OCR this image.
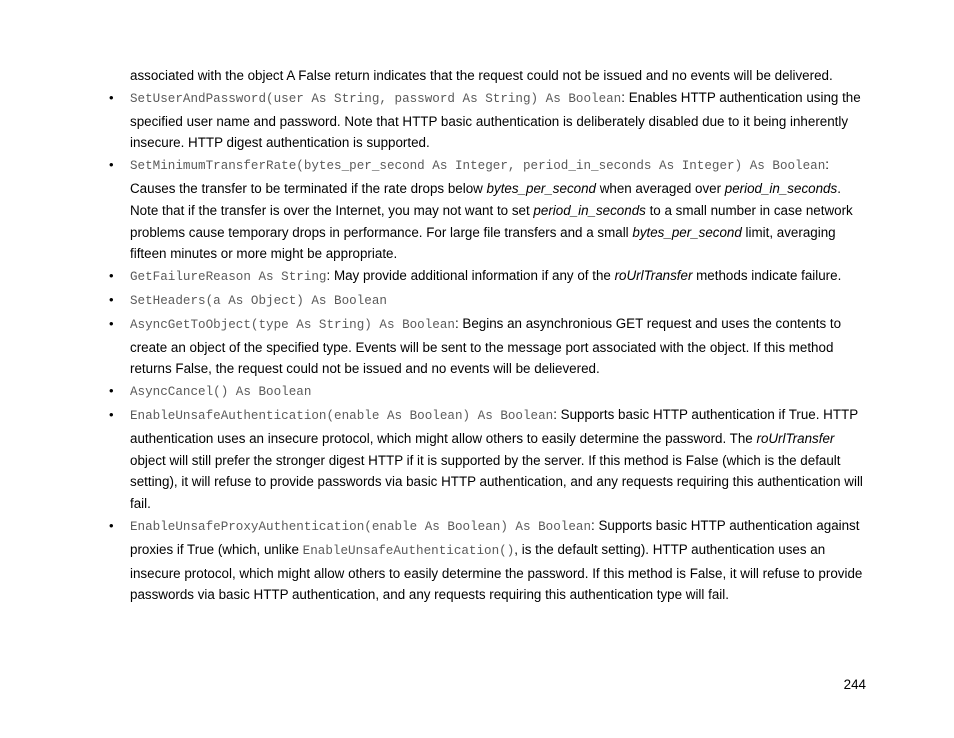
associated with the object A False return indicates that the request could not be issued and no events will be delivered.

• SetUserAndPassword(user As String, password As String) As Boolean: Enables HTTP authentication using the specified user name and password. Note that HTTP basic authentication is deliberately disabled due to it being inherently insecure. HTTP digest authentication is supported.
• SetMinimumTransferRate(bytes_per_second As Integer, period_in_seconds As Integer) As Boolean: Causes the transfer to be terminated if the rate drops below bytes_per_second when averaged over period_in_seconds. Note that if the transfer is over the Internet, you may not want to set period_in_seconds to a small number in case network problems cause temporary drops in performance. For large file transfers and a small bytes_per_second limit, averaging fifteen minutes or more might be appropriate.
• GetFailureReason As String: May provide additional information if any of the roUrlTransfer methods indicate failure.
• SetHeaders(a As Object) As Boolean
• AsyncGetToObject(type As String) As Boolean: Begins an asynchronious GET request and uses the contents to create an object of the specified type. Events will be sent to the message port associated with the object. If this method returns False, the request could not be issued and no events will be delievered.
• AsyncCancel() As Boolean
• EnableUnsafeAuthentication(enable As Boolean) As Boolean: Supports basic HTTP authentication if True. HTTP authentication uses an insecure protocol, which might allow others to easily determine the password. The roUrlTransfer object will still prefer the stronger digest HTTP if it is supported by the server. If this method is False (which is the default setting), it will refuse to provide passwords via basic HTTP authentication, and any requests requiring this authentication will fail.
• EnableUnsafeProxyAuthentication(enable As Boolean) As Boolean: Supports basic HTTP authentication against proxies if True (which, unlike EnableUnsafeAuthentication(), is the default setting). HTTP authentication uses an insecure protocol, which might allow others to easily determine the password. If this method is False, it will refuse to provide passwords via basic HTTP authentication, and any requests requiring this authentication type will fail.
244
